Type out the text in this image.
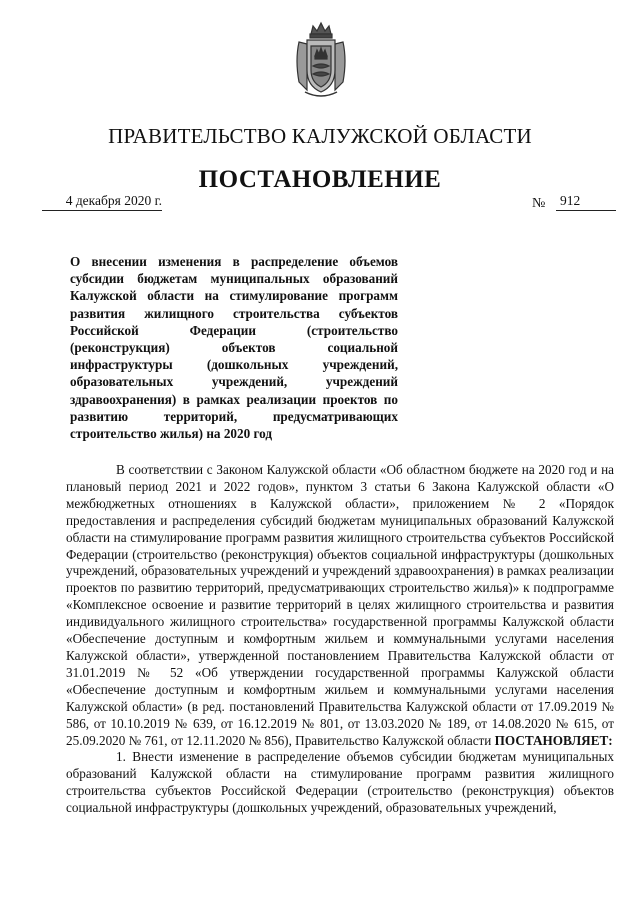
ПРАВИТЕЛЬСТВО КАЛУЖСКОЙ ОБЛАСТИ
ПОСТАНОВЛЕНИЕ
4 декабря 2020 г.	№ 912
О внесении изменения в распределение объемов субсидии бюджетам муниципальных образований Калужской области на стимулирование программ развития жилищного строительства субъектов Российской Федерации (строительство (реконструкция) объектов социальной инфраструктуры (дошкольных учреждений, образовательных учреждений, учреждений здравоохранения) в рамках реализации проектов по развитию территорий, предусматривающих строительство жилья) на 2020 год

В соответствии с Законом Калужской области «Об областном бюджете на 2020 год и на плановый период 2021 и 2022 годов», пунктом 3 статьи 6 Закона Калужской области «О межбюджетных отношениях в Калужской области», приложением № 2 «Порядок предоставления и распределения субсидий бюджетам муниципальных образований Калужской области на стимулирование программ развития жилищного строительства субъектов Российской Федерации (строительство (реконструкция) объектов социальной инфраструктуры (дошкольных учреждений, образовательных учреждений и учреждений здравоохранения) в рамках реализации проектов по развитию территорий, предусматривающих строительство жилья)» к подпрограмме «Комплексное освоение и развитие территорий в целях жилищного строительства и развития индивидуального жилищного строительства» государственной программы Калужской области «Обеспечение доступным и комфортным жильем и коммунальными услугами населения Калужской области», утвержденной постановлением Правительства Калужской области от 31.01.2019 № 52 «Об утверждении государственной программы Калужской области «Обеспечение доступным и комфортным жильем и коммунальными услугами населения Калужской области» (в ред. постановлений Правительства Калужской области от 17.09.2019 № 586, от 10.10.2019 № 639, от 16.12.2019 № 801, от 13.03.2020 № 189, от 14.08.2020 № 615, от 25.09.2020 № 761, от 12.11.2020 № 856), Правительство Калужской области ПОСТАНОВЛЯЕТ:

1. Внести изменение в распределение объемов субсидии бюджетам муниципальных образований Калужской области на стимулирование программ развития жилищного строительства субъектов Российской Федерации (строительство (реконструкция) объектов социальной инфраструктуры (дошкольных учреждений, образовательных учреждений,
